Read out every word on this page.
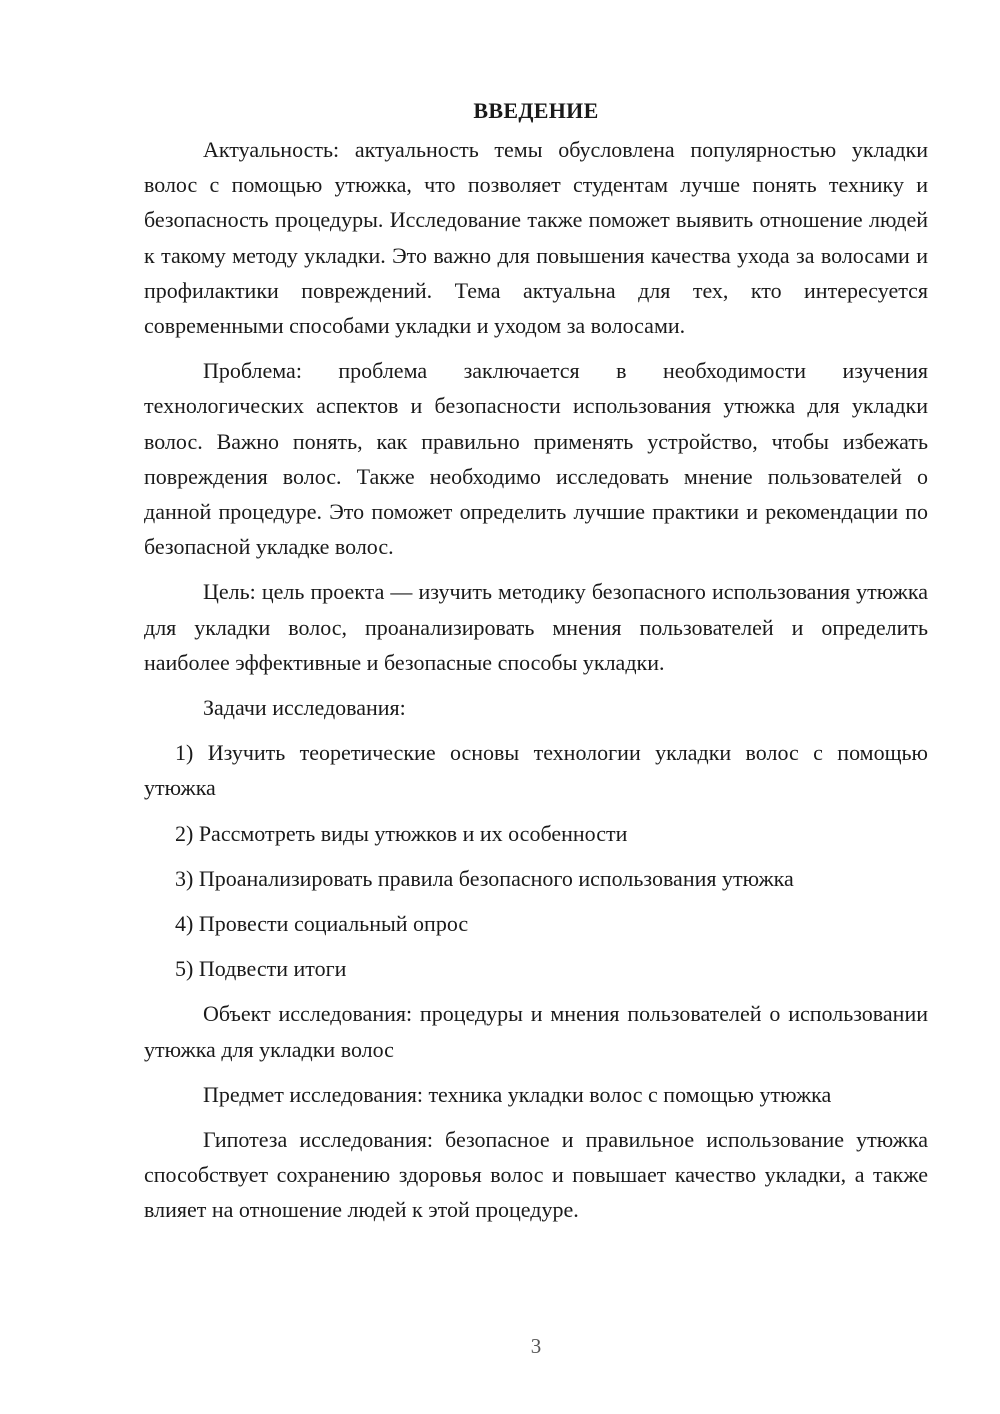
ВВЕДЕНИЕ

Актуальность: актуальность темы обусловлена популярностью укладки волос с помощью утюжка, что позволяет студентам лучше понять технику и безопасность процедуры. Исследование также поможет выявить отношение людей к такому методу укладки. Это важно для повышения качества ухода за волосами и профилактики повреждений. Тема актуальна для тех, кто интересуется современными способами укладки и уходом за волосами.

Проблема: проблема заключается в необходимости изучения технологических аспектов и безопасности использования утюжка для укладки волос. Важно понять, как правильно применять устройство, чтобы избежать повреждения волос. Также необходимо исследовать мнение пользователей о данной процедуре. Это поможет определить лучшие практики и рекомендации по безопасной укладке волос.

Цель: цель проекта — изучить методику безопасного использования утюжка для укладки волос, проанализировать мнения пользователей и определить наиболее эффективные и безопасные способы укладки.

Задачи исследования:

1) Изучить теоретические основы технологии укладки волос с помощью утюжка

2) Рассмотреть виды утюжков и их особенности

3) Проанализировать правила безопасного использования утюжка

4) Провести социальный опрос

5) Подвести итоги

Объект исследования: процедуры и мнения пользователей о использовании утюжка для укладки волос

Предмет исследования: техника укладки волос с помощью утюжка

Гипотеза исследования: безопасное и правильное использование утюжка способствует сохранению здоровья волос и повышает качество укладки, а также влияет на отношение людей к этой процедуре.

3
